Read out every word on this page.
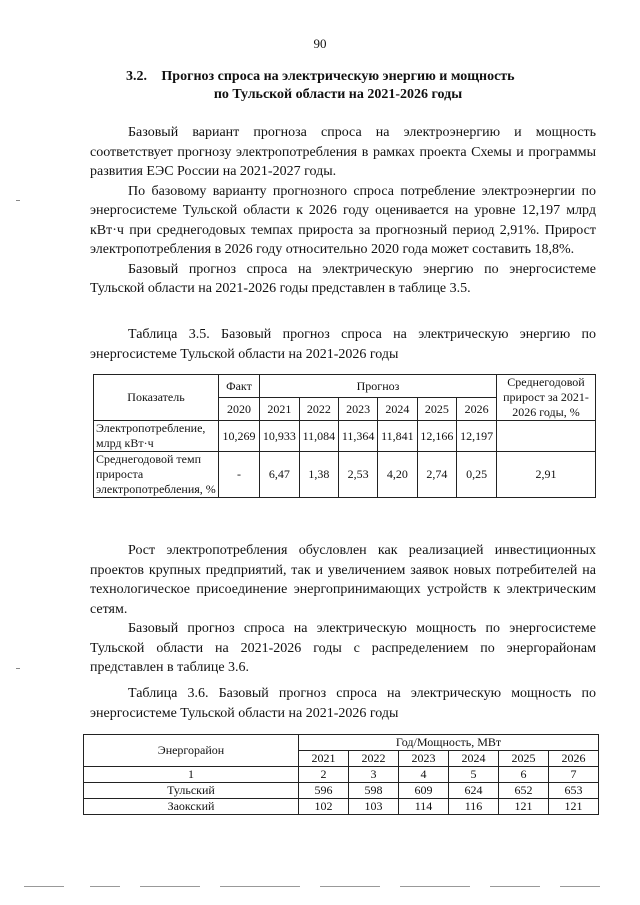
90
3.2.	Прогноз спроса на электрическую энергию и мощность
по Тульской области на 2021-2026 годы

Базовый вариант прогноза спроса на электроэнергию и мощность соответствует прогнозу электропотребления в рамках проекта Схемы и программы развития ЕЭС России на 2021-2027 годы.

По базовому варианту прогнозного спроса потребление электроэнергии по энергосистеме Тульской области к 2026 году оценивается на уровне 12,197 млрд кВт·ч при среднегодовых темпах прироста за прогнозный период 2,91%. Прирост электропотребления в 2026 году относительно 2020 года может составить 18,8%.

Базовый прогноз спроса на электрическую энергию по энергосистеме Тульской области на 2021-2026 годы представлен в таблице 3.5.

Таблица 3.5. Базовый прогноз спроса на электрическую энергию по энергосистеме Тульской области на 2021-2026 годы

Показатель	Факт	Прогноз						Среднегодовой прирост за 2021-2026 годы, %
	2020	2021	2022	2023	2024	2025	2026	
Электропотребление, млрд кВт·ч	10,269	10,933	11,084	11,364	11,841	12,166	12,197	
Среднегодовой темп прироста электропотребления, %	-	6,47	1,38	2,53	4,20	2,74	0,25	2,91

Рост электропотребления обусловлен как реализацией инвестиционных проектов крупных предприятий, так и увеличением заявок новых потребителей на технологическое присоединение энергопринимающих устройств к электрическим сетям.

Базовый прогноз спроса на электрическую мощность по энергосистеме Тульской области на 2021-2026 годы с распределением по энергорайонам представлен в таблице 3.6.

Таблица 3.6. Базовый прогноз спроса на электрическую мощность по энергосистеме Тульской области на 2021-2026 годы

Энергорайон	Год/Мощность, МВт					
	2021	2022	2023	2024	2025	2026
1	2	3	4	5	6	7
Тульский	596	598	609	624	652	653
Заокский	102	103	114	116	121	121
